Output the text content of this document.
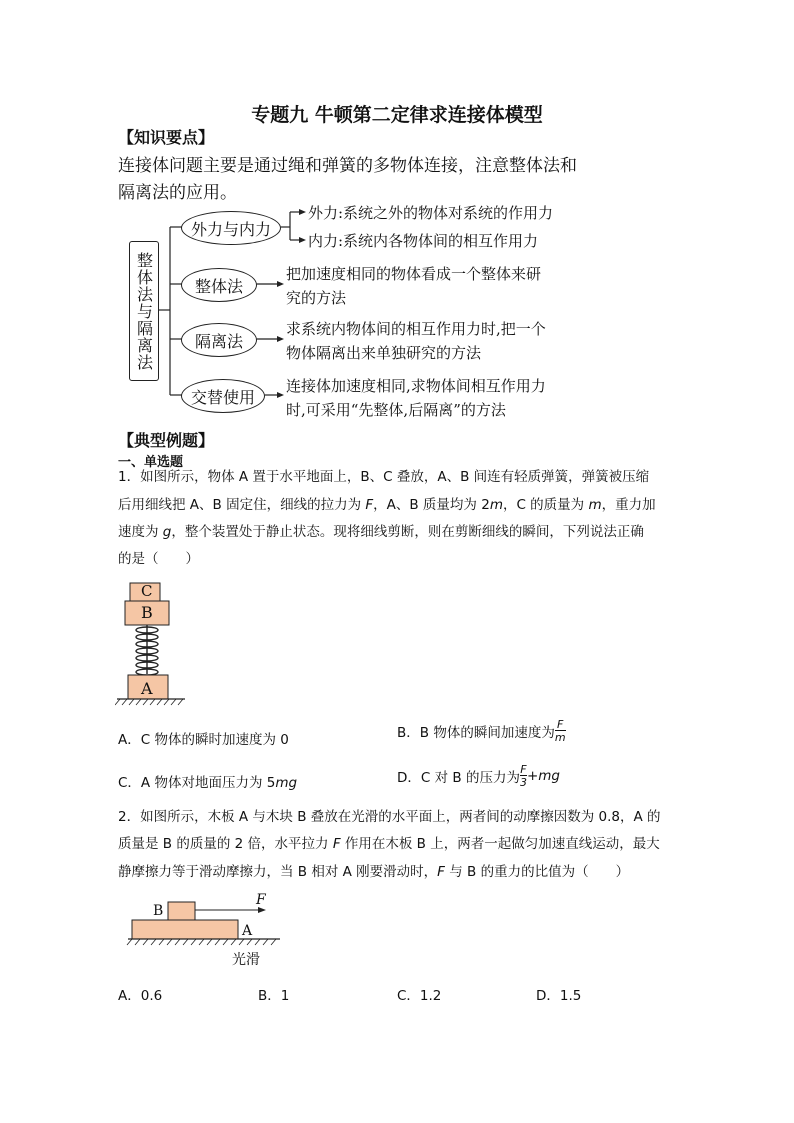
专题九 牛顿第二定律求连接体模型
【知识要点】
连接体问题主要是通过绳和弹簧的多物体连接，注意整体法和
隔离法的应用。
整体法与隔离法
外力与内力
整体法
隔离法
交替使用
外力:系统之外的物体对系统的作用力
内力:系统内各物体间的相互作用力
把加速度相同的物体看成一个整体来研
究的方法
求系统内物体间的相互作用力时,把一个
物体隔离出来单独研究的方法
连接体加速度相同,求物体间相互作用力
时,可采用“先整体,后隔离”的方法
【典型例题】
一、单选题
1．如图所示，物体 A 置于水平地面上，B、C 叠放，A、B 间连有轻质弹簧，弹簧被压缩
后用细线把 A、B 固定住，细线的拉力为 F，A、B 质量均为 2m，C 的质量为 m，重力加
速度为 g，整个装置处于静止状态。现将细线剪断，则在剪断细线的瞬间，下列说法正确
的是（　　）
C
B
A
A．C 物体的瞬时加速度为 0	B．B 物体的瞬间加速度为 $\frac{F}{m}$
C．A 物体对地面压力为 5mg	D．C 对 B 的压力为 $\frac{F}{3} +mg$
2．如图所示，木板 A 与木块 B 叠放在光滑的水平面上，两者间的动摩擦因数为 0.8，A 的
质量是 B 的质量的 2 倍，水平拉力 F 作用在木板 B 上，两者一起做匀加速直线运动，最大
静摩擦力等于滑动摩擦力，当 B 相对 A 刚要滑动时，F 与 B 的重力的比值为（　　）
B
A
F
光滑
A．0.6	B．1	C．1.2	D．1.5
